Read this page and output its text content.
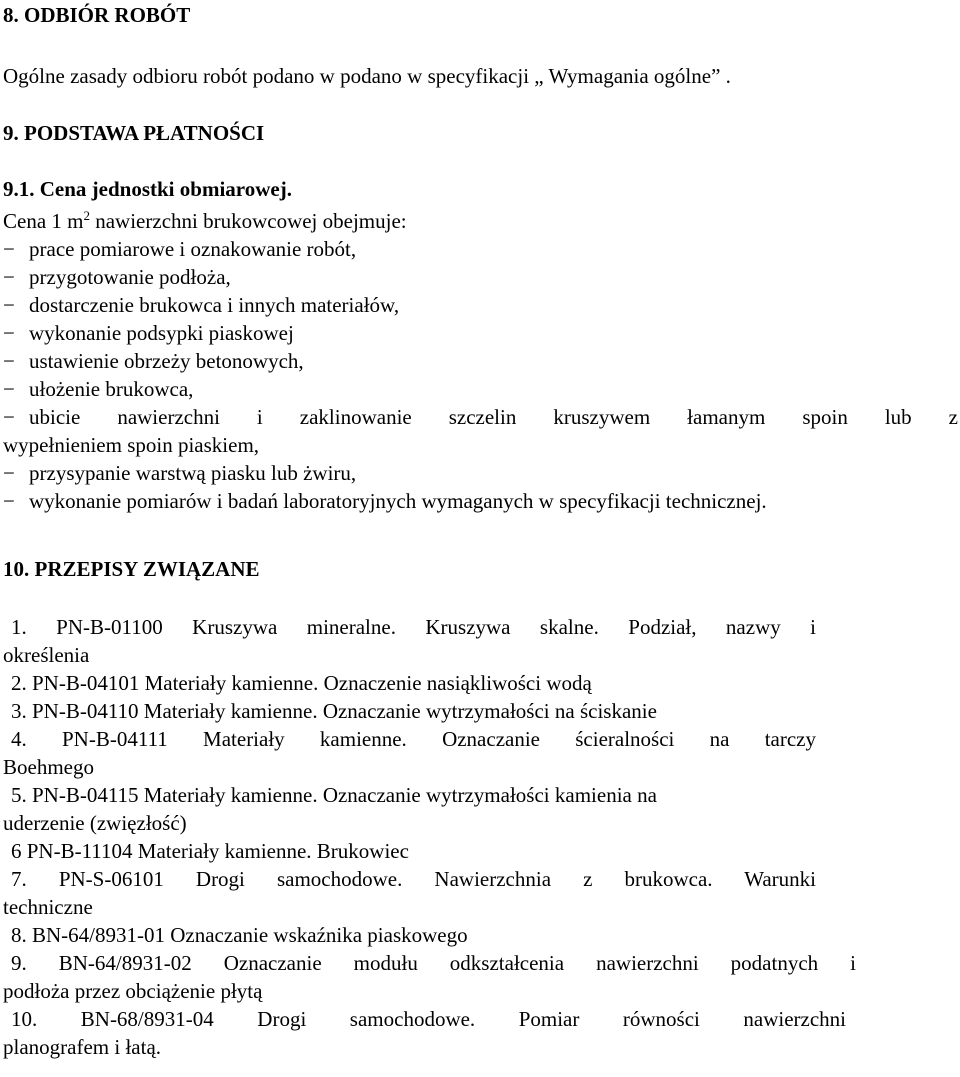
8. ODBIÓR ROBÓT
Ogólne zasady odbioru robót podano w podano w specyfikacji „ Wymagania ogólne” .
9. PODSTAWA PŁATNOŚCI
9.1. Cena jednostki obmiarowej.
Cena 1 $m^2$ nawierzchni brukowcowej obejmuje:
− prace pomiarowe i oznakowanie robót,
− przygotowanie podłoża,
− dostarczenie brukowca i innych materiałów,
− wykonanie podsypki piaskowej
− ustawienie obrzeży betonowych,
− ułożenie brukowca,
− ubicie nawierzchni i zaklinowanie szczelin kruszywem łamanym spoin lub z
wypełnieniem spoin piaskiem,
− przysypanie warstwą piasku lub żwiru,
− wykonanie pomiarów i badań laboratoryjnych wymaganych w specyfikacji technicznej.
10. PRZEPISY ZWIĄZANE
1. PN-B-01100 Kruszywa mineralne. Kruszywa skalne. Podział, nazwy i
określenia
2. PN-B-04101 Materiały kamienne. Oznaczenie nasiąkliwości wodą
3. PN-B-04110 Materiały kamienne. Oznaczanie wytrzymałości na ściskanie
4. PN-B-04111 Materiały kamienne. Oznaczanie ścieralności na tarczy
Boehmego
5. PN-B-04115 Materiały kamienne. Oznaczanie wytrzymałości kamienia na
uderzenie (zwięzłość)
6 PN-B-11104 Materiały kamienne. Brukowiec
7. PN-S-06101 Drogi samochodowe. Nawierzchnia z brukowca. Warunki
techniczne
8. BN-64/8931-01 Oznaczanie wskaźnika piaskowego
9. BN-64/8931-02 Oznaczanie modułu odkształcenia nawierzchni podatnych i
podłoża przez obciążenie płytą
10. BN-68/8931-04 Drogi samochodowe. Pomiar równości nawierzchni
planografem i łatą.
